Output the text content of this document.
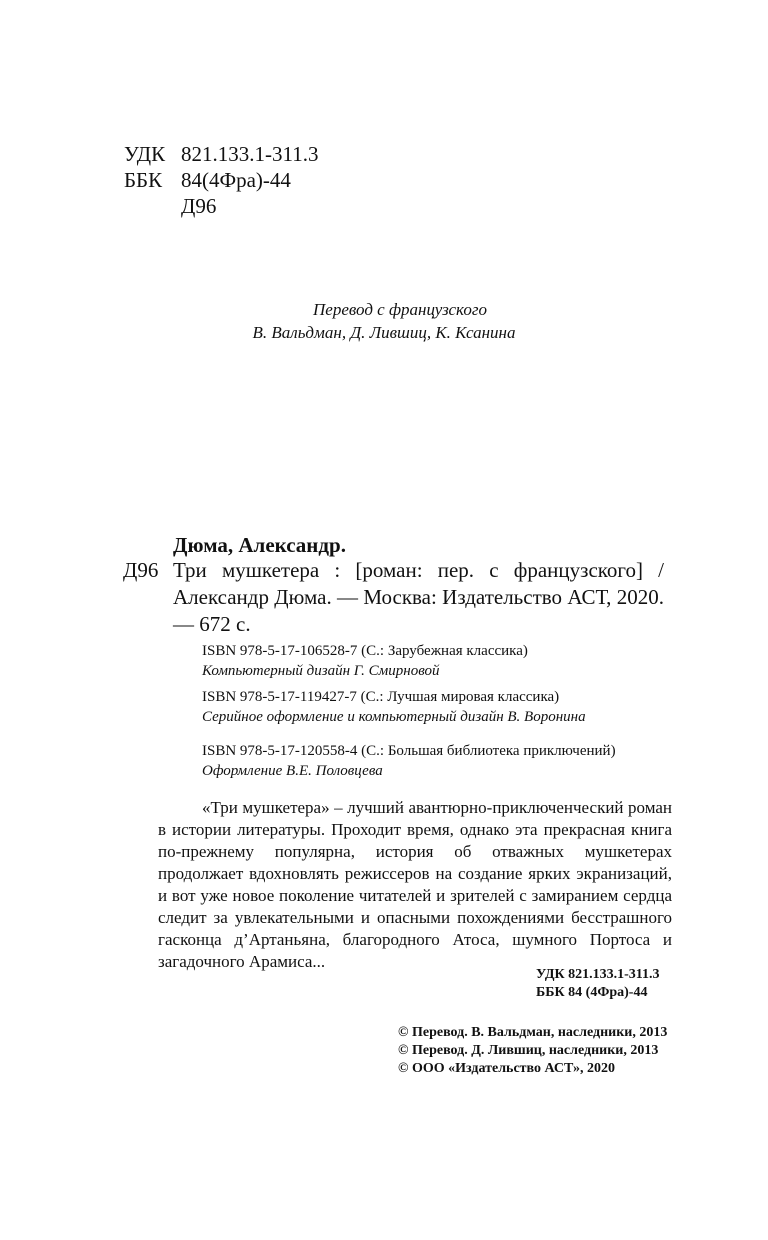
УДК 821.133.1-311.3
ББК 84(4Фра)-44
Д96
Перевод с французского
В. Вальдман, Д. Лившиц, К. Ксанина
Дюма, Александр.
Д96 Три мушкетера : [роман: пер. с французского] / Александр Дюма. — Москва: Издательство АСТ, 2020. — 672 с.
ISBN 978-5-17-106528-7 (С.: Зарубежная классика)
Компьютерный дизайн Г. Смирновой
ISBN 978-5-17-119427-7 (С.: Лучшая мировая классика)
Серийное оформление и компьютерный дизайн В. Воронина
ISBN 978-5-17-120558-4 (С.: Большая библиотека приключений)
Оформление В.Е. Половцева

«Три мушкетера» – лучший авантюрно-приключенческий роман в истории литературы. Проходит время, однако эта прекрасная книга по-прежнему популярна, история об отважных мушкетерах продолжает вдохновлять режиссеров на создание ярких экранизаций, и вот уже новое поколение читателей и зрителей с замиранием сердца следит за увлекательными и опасными похождениями бесстрашного гасконца д’Артаньяна, благородного Атоса, шумного Портоса и загадочного Арамиса...

УДК 821.133.1-311.3
ББК 84 (4Фра)-44
© Перевод. В. Вальдман, наследники, 2013
© Перевод. Д. Лившиц, наследники, 2013
© ООО «Издательство АСТ», 2020
